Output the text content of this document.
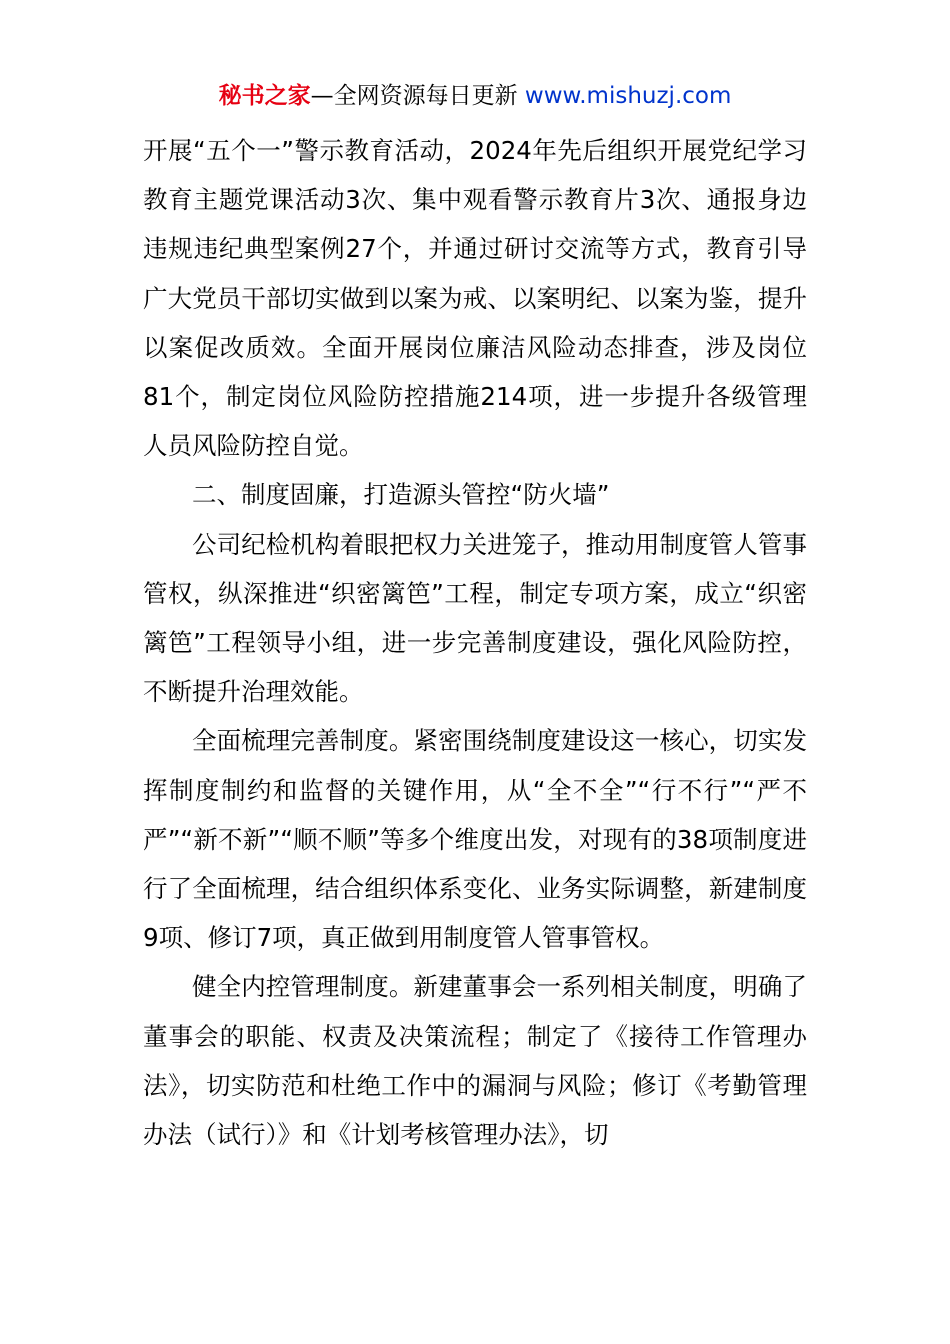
秘书之家—全网资源每日更新 www.mishuzj.com

开展“五个一”警示教育活动，2024年先后组织开展党纪学习教育主题党课活动3次、集中观看警示教育片3次、通报身边违规违纪典型案例27个，并通过研讨交流等方式，教育引导广大党员干部切实做到以案为戒、以案明纪、以案为鉴，提升以案促改质效。全面开展岗位廉洁风险动态排查，涉及岗位81个，制定岗位风险防控措施214项，进一步提升各级管理人员风险防控自觉。

二、制度固廉，打造源头管控“防火墙”

公司纪检机构着眼把权力关进笼子，推动用制度管人管事管权，纵深推进“织密篱笆”工程，制定专项方案，成立“织密篱笆”工程领导小组，进一步完善制度建设，强化风险防控，不断提升治理效能。

全面梳理完善制度。紧密围绕制度建设这一核心，切实发挥制度制约和监督的关键作用，从“全不全”“行不行”“严不严”“新不新”“顺不顺”等多个维度出发，对现有的38项制度进行了全面梳理，结合组织体系变化、业务实际调整，新建制度9项、修订7项，真正做到用制度管人管事管权。

健全内控管理制度。新建董事会一系列相关制度，明确了董事会的职能、权责及决策流程；制定了《接待工作管理办法》，切实防范和杜绝工作中的漏洞与风险；修订《考勤管理办法（试行）》和《计划考核管理办法》，切
